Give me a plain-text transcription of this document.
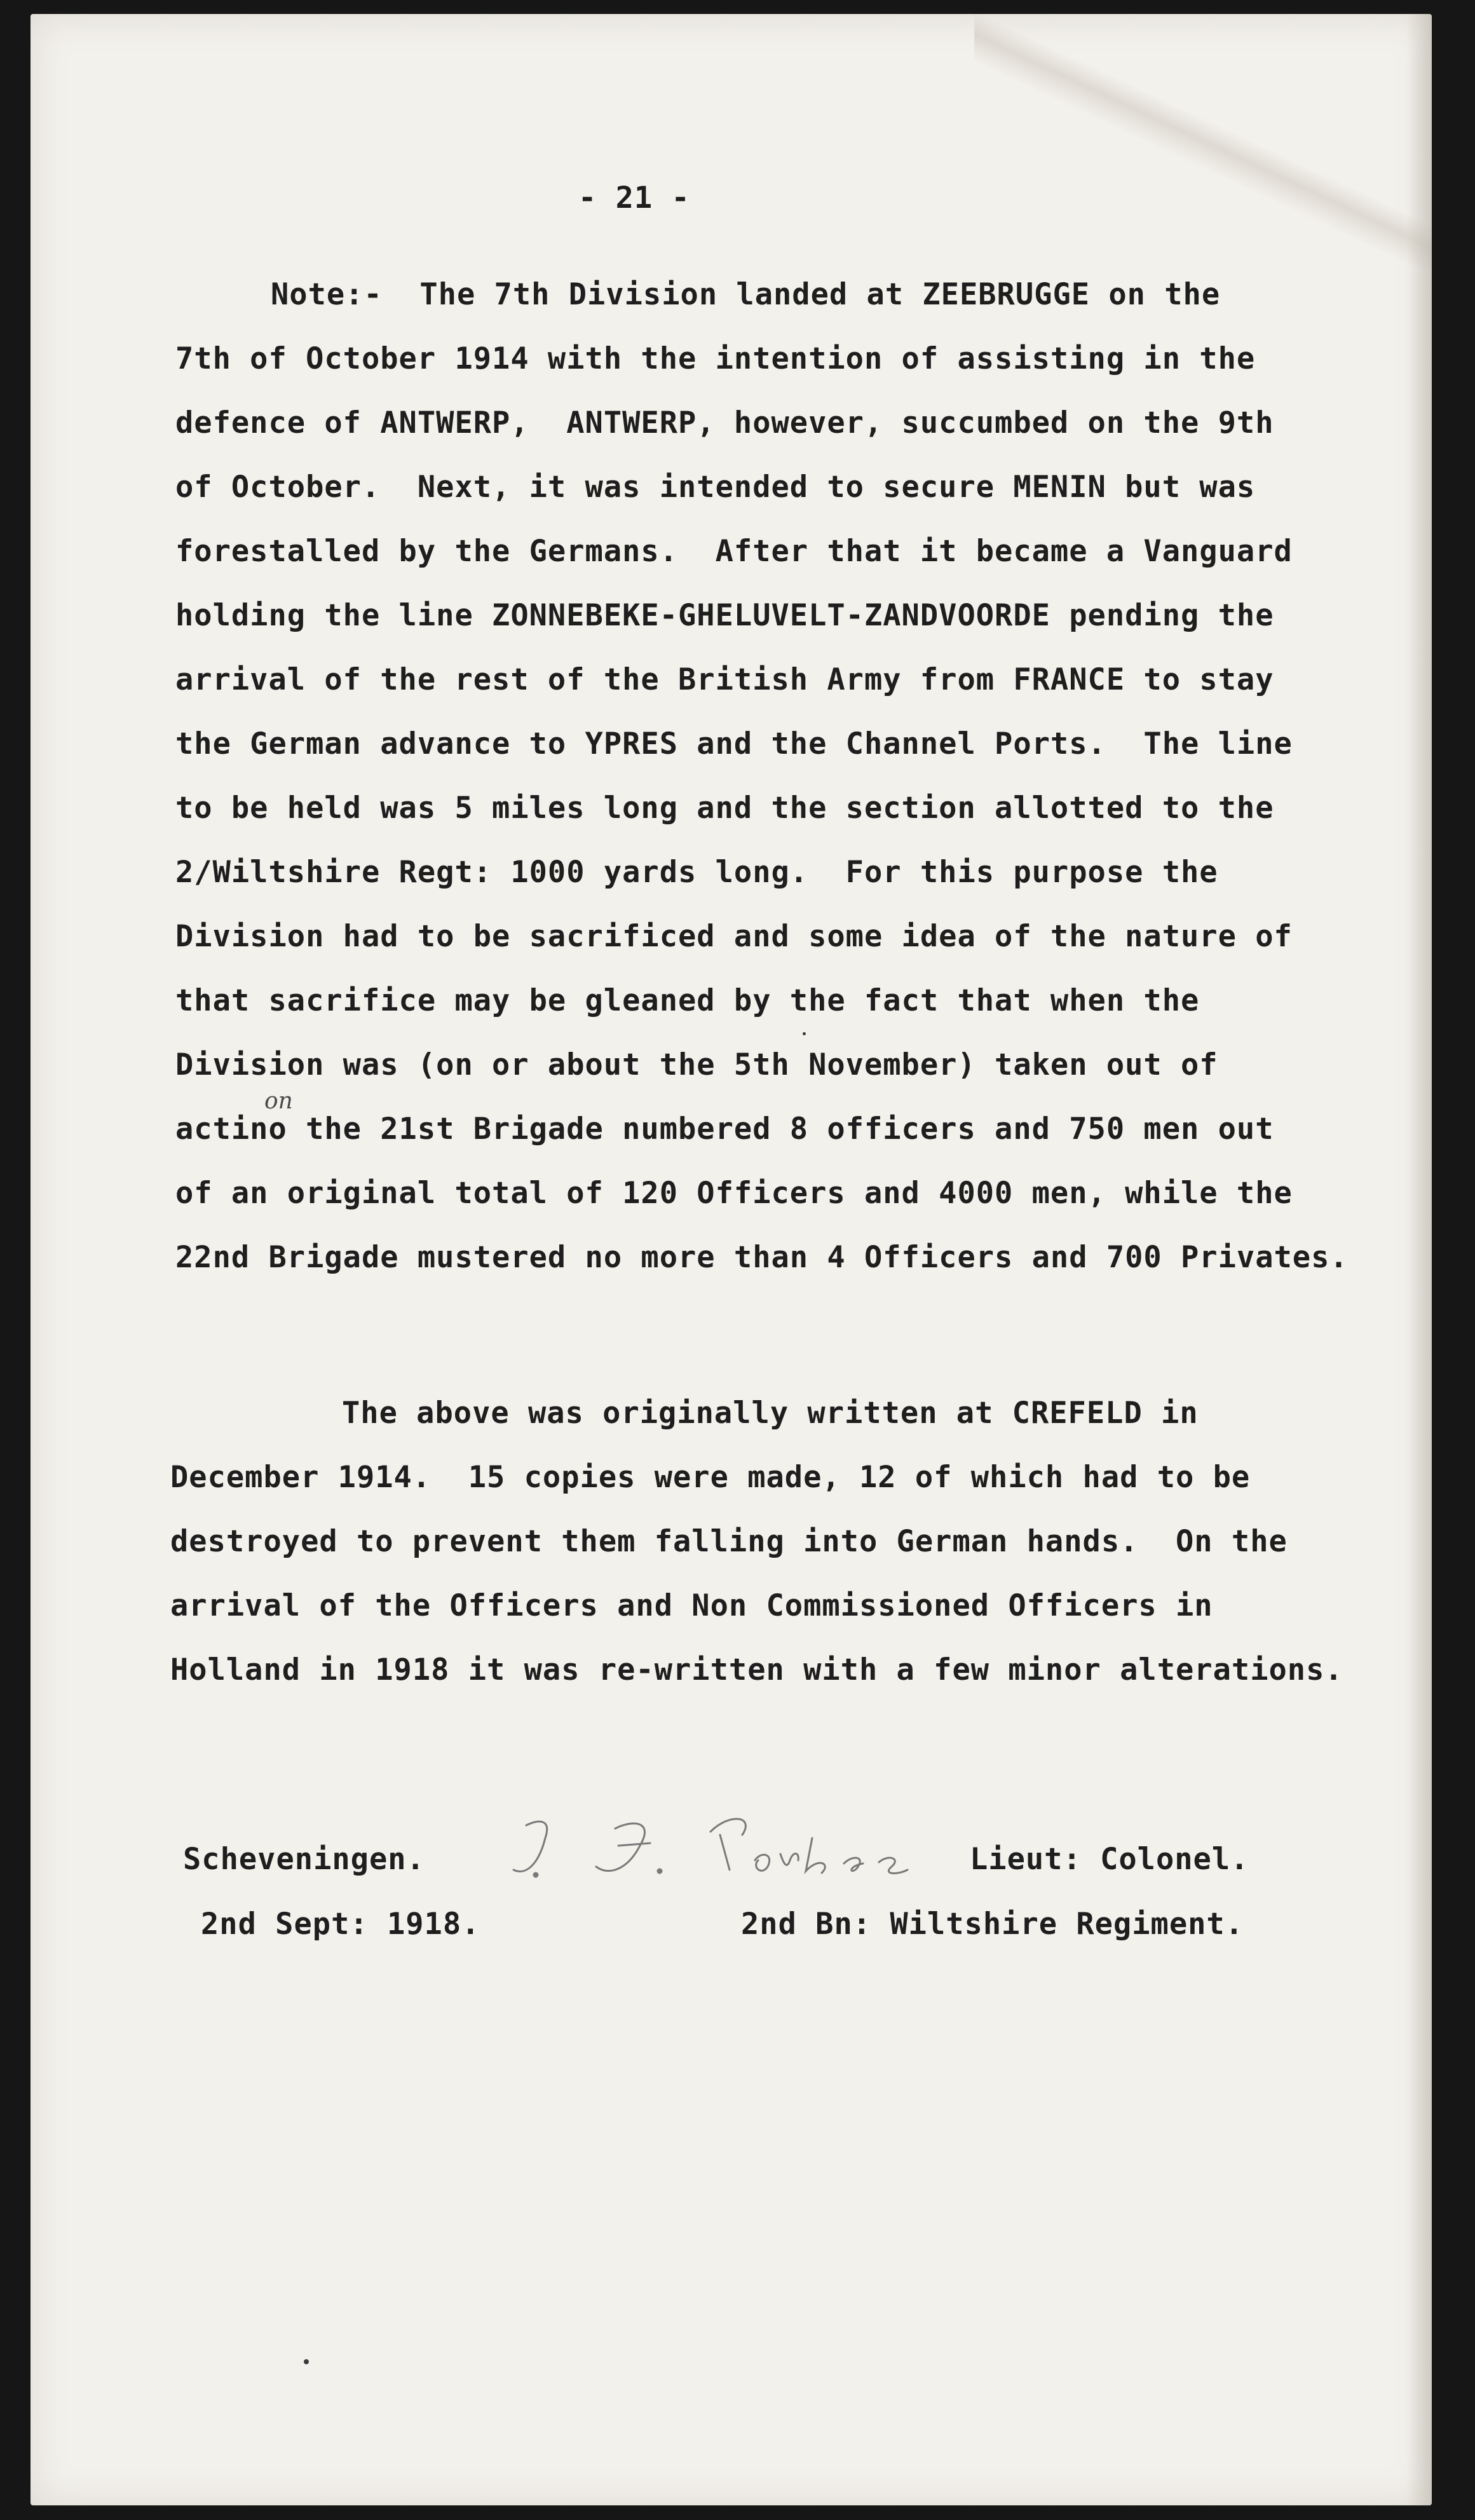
- 21 -
Note:-  The 7th Division landed at ZEEBRUGGE on the
7th of October 1914 with the intention of assisting in the
defence of ANTWERP,  ANTWERP, however, succumbed on the 9th
of October.  Next, it was intended to secure MENIN but was
forestalled by the Germans.  After that it became a Vanguard
holding the line ZONNEBEKE-GHELUVELT-ZANDVOORDE pending the
arrival of the rest of the British Army from FRANCE to stay
the German advance to YPRES and the Channel Ports.  The line
to be held was 5 miles long and the section allotted to the
2/Wiltshire Regt: 1000 yards long.  For this purpose the
Division had to be sacrificed and some idea of the nature of
that sacrifice may be gleaned by the fact that when the
Division was (on or about the 5th November) taken out of
actino the 21st Brigade numbered 8 officers and 750 men out
of an original total of 120 Officers and 4000 men, while the
22nd Brigade mustered no more than 4 Officers and 700 Privates.
on
The above was originally written at CREFELD in
December 1914.  15 copies were made, 12 of which had to be
destroyed to prevent them falling into German hands.  On the
arrival of the Officers and Non Commissioned Officers in
Holland in 1918 it was re-written with a few minor alterations.
Scheveningen.
2nd Sept: 1918.
Lieut: Colonel.
2nd Bn: Wiltshire Regiment.
